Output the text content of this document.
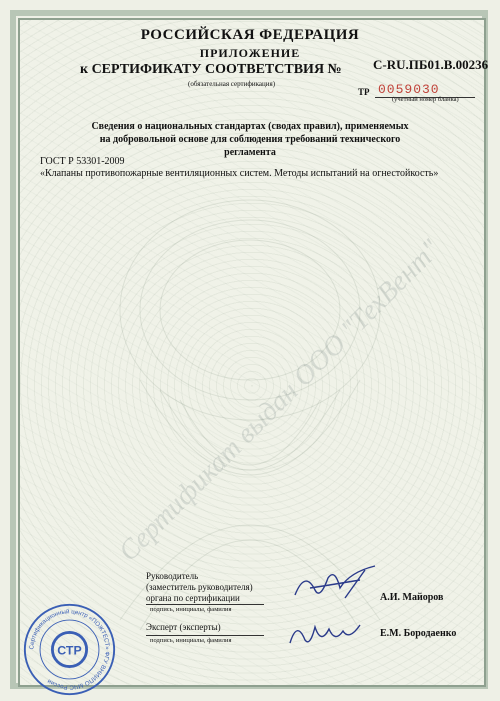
РОССИЙСКАЯ ФЕДЕРАЦИЯ
ПРИЛОЖЕНИЕ
к СЕРТИФИКАТУ СООТВЕТСТВИЯ №	С-RU.ПБ01.В.00236
(обязательная сертификация)
ТР 0059030
(учетный номер бланка)
Сведения о национальных стандартах (сводах правил), применяемых
на добровольной основе для соблюдения требований технического регламента
ГОСТ Р 53301-2009
«Клапаны противопожарные вентиляционных систем. Методы испытаний на огнестойкость»
Сертификат выдан ООО "ТехВент"
Руководитель
(заместитель руководителя)
органа по сертификации
подпись, инициалы, фамилия
А.И. Майоров
Эксперт (эксперты)
подпись, инициалы, фамилия
Е.М. Бородаенко
Сертификационный центр «ПОЖТЕСТ» ФГУ ВНИИПО МЧС России
СТР
